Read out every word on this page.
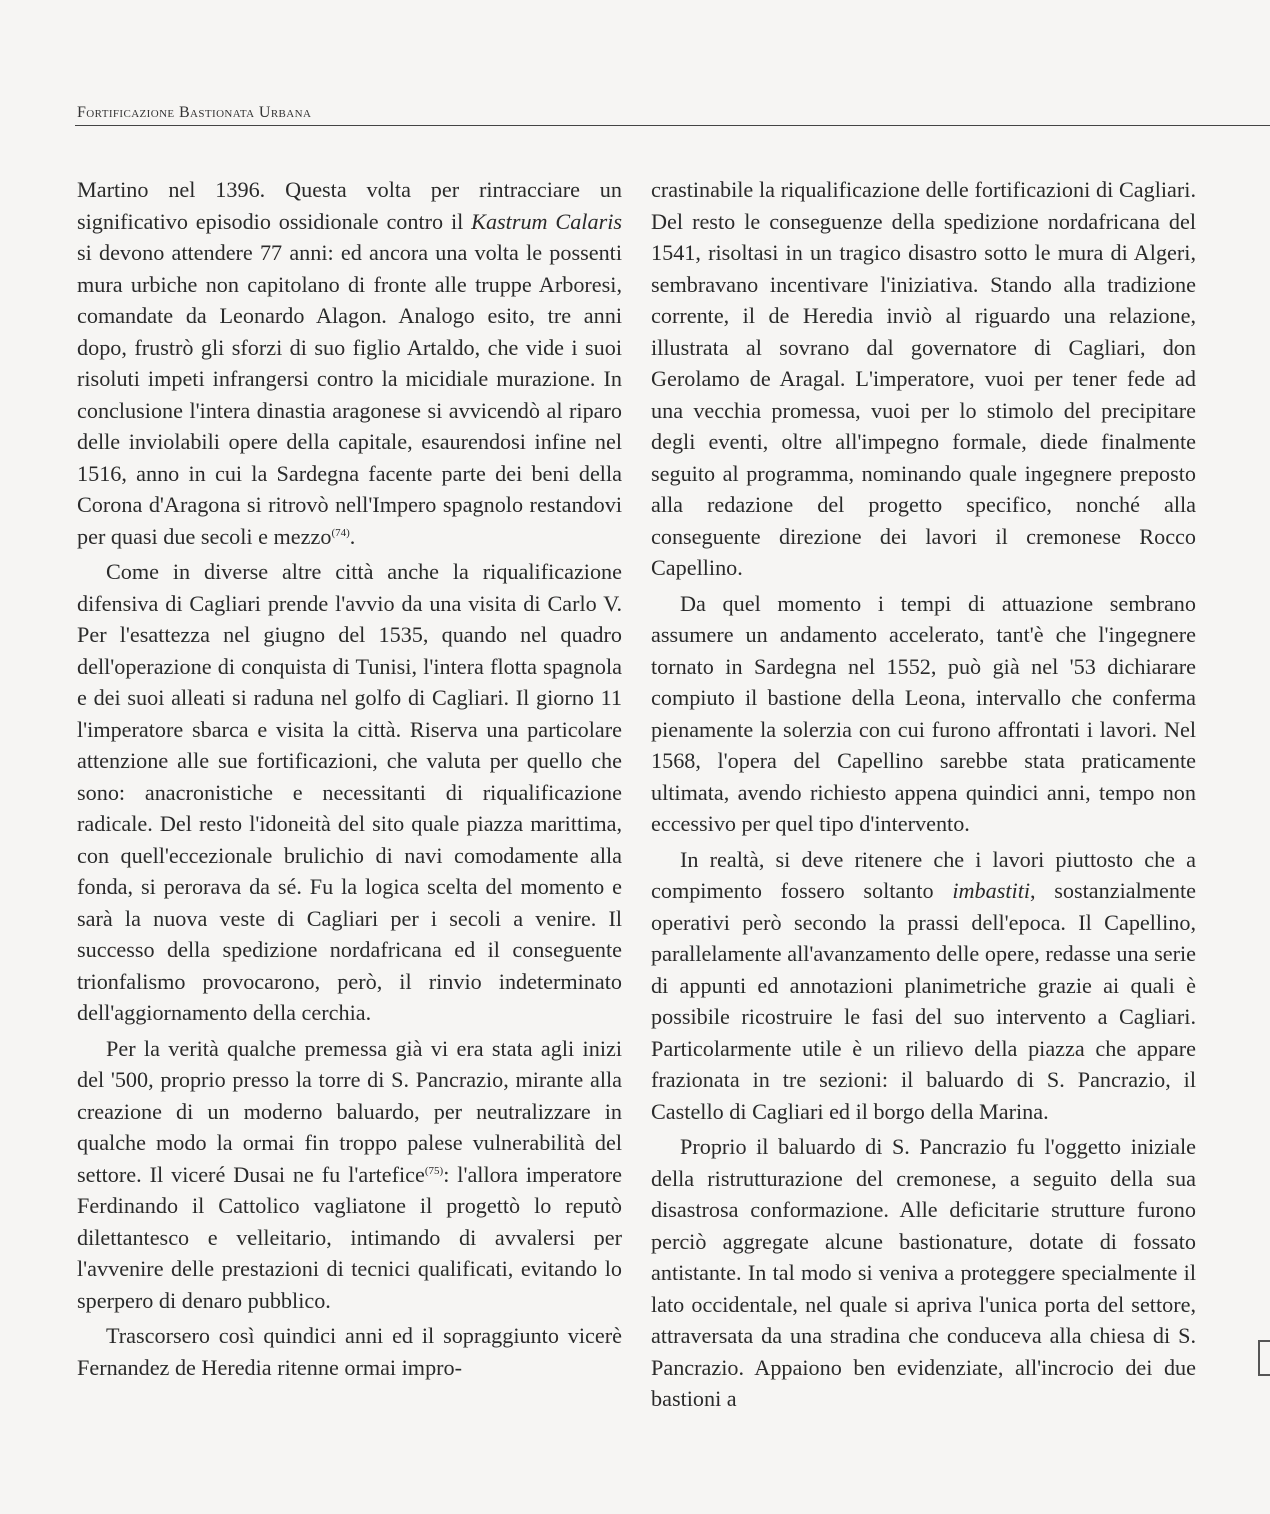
Fortificazione Bastionata Urbana

Martino nel 1396. Questa volta per rintracciare un significativo episodio ossidionale contro il Kastrum Calaris si devono attendere 77 anni: ed ancora una volta le possenti mura urbiche non capitolano di fronte alle truppe Arboresi, comandate da Leonardo Alagon. Analogo esito, tre anni dopo, frustrò gli sforzi di suo figlio Artaldo, che vide i suoi risoluti impeti infrangersi contro la micidiale murazione. In conclusione l'intera dinastia aragonese si avvicendò al riparo delle inviolabili opere della capitale, esaurendosi infine nel 1516, anno in cui la Sardegna facente parte dei beni della Corona d'Aragona si ritrovò nell'Impero spagnolo restandovi per quasi due secoli e mezzo$^{(74)}$.

Come in diverse altre città anche la riqualificazione difensiva di Cagliari prende l'avvio da una visita di Carlo V. Per l'esattezza nel giugno del 1535, quando nel quadro dell'operazione di conquista di Tunisi, l'intera flotta spagnola e dei suoi alleati si raduna nel golfo di Cagliari. Il giorno 11 l'imperatore sbarca e visita la città. Riserva una particolare attenzione alle sue fortificazioni, che valuta per quello che sono: anacronistiche e necessitanti di riqualificazione radicale. Del resto l'idoneità del sito quale piazza marittima, con quell'eccezionale brulichio di navi comodamente alla fonda, si perorava da sé. Fu la logica scelta del momento e sarà la nuova veste di Cagliari per i secoli a venire. Il successo della spedizione nordafricana ed il conseguente trionfalismo provocarono, però, il rinvio indeterminato dell'aggiornamento della cerchia.

Per la verità qualche premessa già vi era stata agli inizi del '500, proprio presso la torre di S. Pancrazio, mirante alla creazione di un moderno baluardo, per neutralizzare in qualche modo la ormai fin troppo palese vulnerabilità del settore. Il viceré Dusai ne fu l'artefice$^{(75)}$: l'allora imperatore Ferdinando il Cattolico vagliatone il progettò lo reputò dilettantesco e velleitario, intimando di avvalersi per l'avvenire delle prestazioni di tecnici qualificati, evitando lo sperpero di denaro pubblico.

Trascorsero così quindici anni ed il sopraggiunto vicerè Fernandez de Heredia ritenne ormai impro-

crastinabile la riqualificazione delle fortificazioni di Cagliari. Del resto le conseguenze della spedizione nordafricana del 1541, risoltasi in un tragico disastro sotto le mura di Algeri, sembravano incentivare l'iniziativa. Stando alla tradizione corrente, il de Heredia inviò al riguardo una relazione, illustrata al sovrano dal governatore di Cagliari, don Gerolamo de Aragal. L'imperatore, vuoi per tener fede ad una vecchia promessa, vuoi per lo stimolo del precipitare degli eventi, oltre all'impegno formale, diede finalmente seguito al programma, nominando quale ingegnere preposto alla redazione del progetto specifico, nonché alla conseguente direzione dei lavori il cremonese Rocco Capellino.

Da quel momento i tempi di attuazione sembrano assumere un andamento accelerato, tant'è che l'ingegnere tornato in Sardegna nel 1552, può già nel '53 dichiarare compiuto il bastione della Leona, intervallo che conferma pienamente la solerzia con cui furono affrontati i lavori. Nel 1568, l'opera del Capellino sarebbe stata praticamente ultimata, avendo richiesto appena quindici anni, tempo non eccessivo per quel tipo d'intervento.

In realtà, si deve ritenere che i lavori piuttosto che a compimento fossero soltanto imbastiti, sostanzialmente operativi però secondo la prassi dell'epoca. Il Capellino, parallelamente all'avanzamento delle opere, redasse una serie di appunti ed annotazioni planimetriche grazie ai quali è possibile ricostruire le fasi del suo intervento a Cagliari. Particolarmente utile è un rilievo della piazza che appare frazionata in tre sezioni: il baluardo di S. Pancrazio, il Castello di Cagliari ed il borgo della Marina.

Proprio il baluardo di S. Pancrazio fu l'oggetto iniziale della ristrutturazione del cremonese, a seguito della sua disastrosa conformazione. Alle deficitarie strutture furono perciò aggregate alcune bastionature, dotate di fossato antistante. In tal modo si veniva a proteggere specialmente il lato occidentale, nel quale si apriva l'unica porta del settore, attraversata da una stradina che conduceva alla chiesa di S. Pancrazio. Appaiono ben evidenziate, all'incrocio dei due bastioni a
